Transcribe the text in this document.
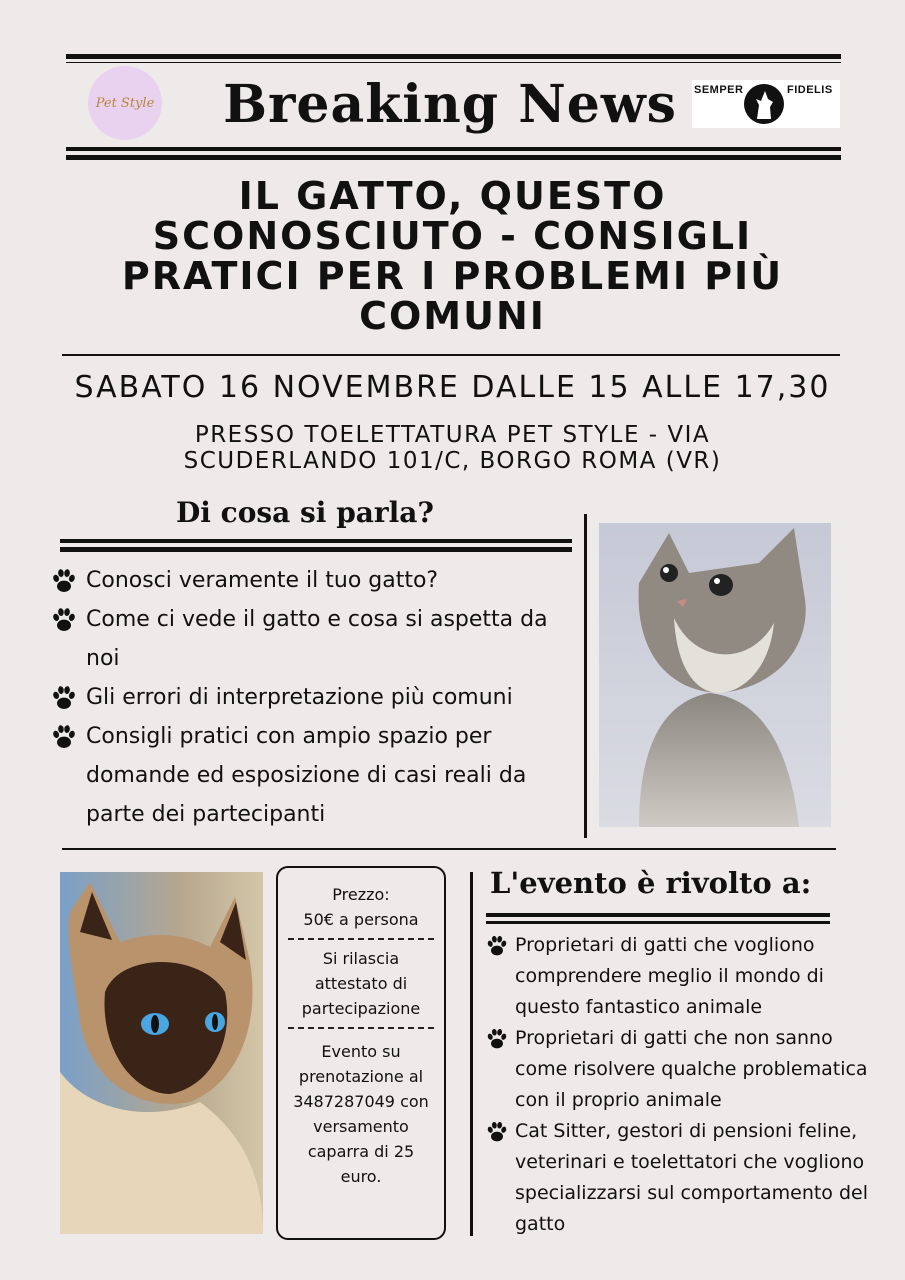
Pet Style	Breaking News	SEMPER	FIDELIS
IL GATTO, QUESTO SCONOSCIUTO - CONSIGLI PRATICI PER I PROBLEMI PIÙ COMUNI
SABATO 16 NOVEMBRE DALLE 15 ALLE 17,30
PRESSO TOELETTATURA PET STYLE - VIA SCUDERLANDO 101/C, BORGO ROMA (VR)
Di cosa si parla?
Conosci veramente il tuo gatto?
Come ci vede il gatto e cosa si aspetta da noi
Gli errori di interpretazione più comuni
Consigli pratici con ampio spazio per domande ed esposizione di casi reali da parte dei partecipanti
Prezzo:
50€ a persona
Si rilascia attestato di partecipazione
Evento su prenotazione al 3487287049 con versamento caparra di 25 euro.
L'evento è rivolto a:
Proprietari di gatti che vogliono comprendere meglio il mondo di questo fantastico animale
Proprietari di gatti che non sanno come risolvere qualche problematica con il proprio animale
Cat Sitter, gestori di pensioni feline, veterinari e toelettatori che vogliono specializzarsi sul comportamento del gatto
